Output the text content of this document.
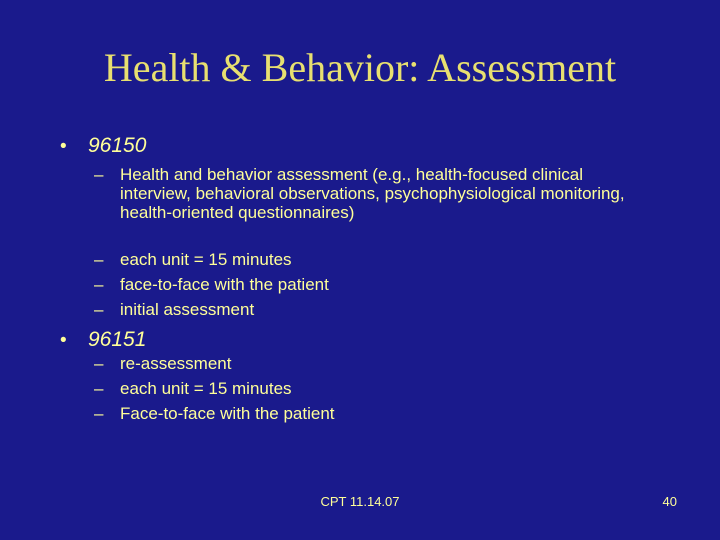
Health & Behavior: Assessment
• 96150
– Health and behavior assessment (e.g., health-focused clinical interview, behavioral observations, psychophysiological monitoring, health-oriented questionnaires)
– each unit = 15 minutes
– face-to-face with the patient
– initial assessment
• 96151
– re-assessment
– each unit = 15 minutes
– Face-to-face with the patient
CPT 11.14.07	40
